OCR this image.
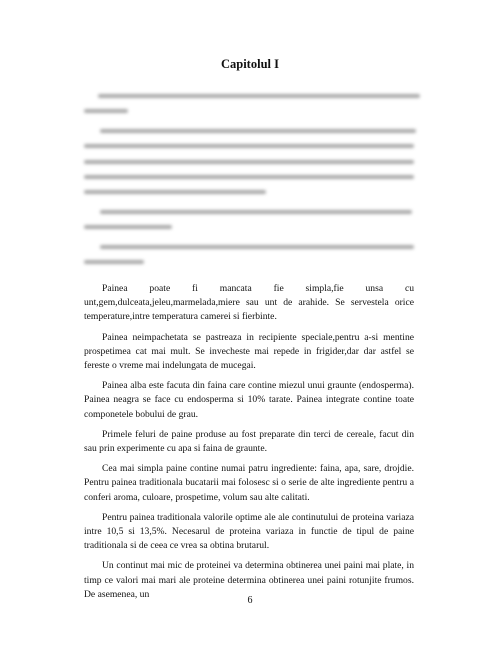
Capitolul I

Painea poate fi mancata fie simpla,fie unsa cu unt,gem,dulceata,jeleu,marmelada,miere sau unt de arahide. Se servestela orice temperature,intre temperatura camerei si fierbinte.

Painea neimpachetata se pastreaza in recipiente speciale,pentru a-si mentine prospetimea cat mai mult. Se invecheste mai repede in frigider,dar dar astfel se fereste o vreme mai indelungata de mucegai.

Painea alba este facuta din faina care contine miezul unui graunte (endosperma). Painea neagra se face cu endosperma si 10% tarate. Painea integrate contine toate componetele bobului de grau.

Primele feluri de paine produse au fost preparate din terci de cereale, facut din sau prin experimente cu apa si faina de graunte.

Cea mai simpla paine contine numai patru ingrediente: faina, apa, sare, drojdie. Pentru painea traditionala bucatarii mai folosesc si o serie de alte ingrediente pentru a conferi aroma, culoare, prospetime, volum sau alte calitati.

Pentru painea traditionala valorile optime ale ale continutului de proteina variaza intre 10,5 si 13,5%. Necesarul de proteina variaza in functie de tipul de paine traditionala si de ceea ce vrea sa obtina brutarul.

Un continut mai mic de proteinei va determina obtinerea unei paini mai plate, in timp ce valori mai mari ale proteine determina obtinerea unei paini rotunjite frumos. De asemenea, un

6
